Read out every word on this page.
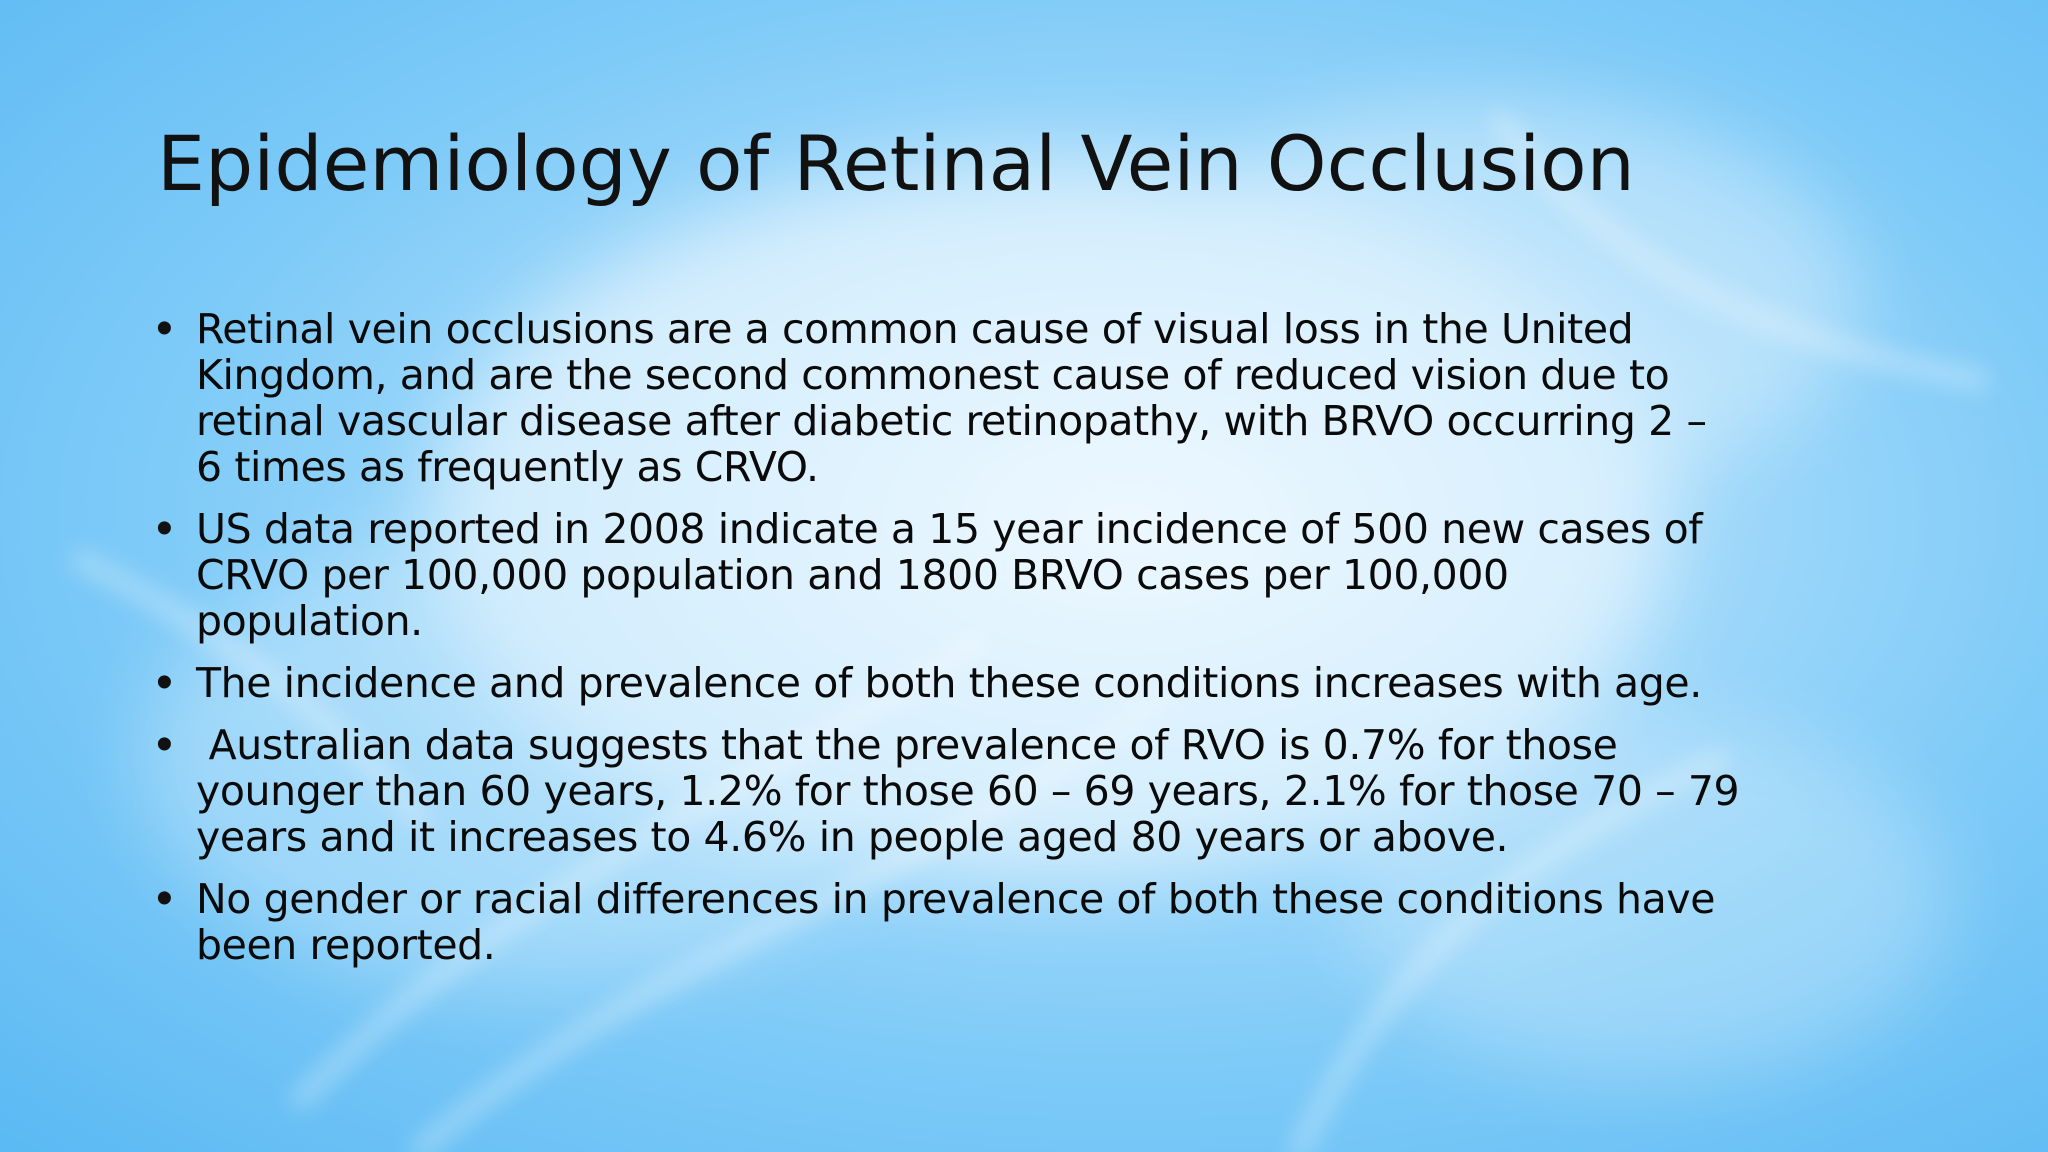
Epidemiology of Retinal Vein Occlusion
• Retinal vein occlusions are a common cause of visual loss in the United
Kingdom, and are the second commonest cause of reduced vision due to
retinal vascular disease after diabetic retinopathy, with BRVO occurring 2 –
6 times as frequently as CRVO.
• US data reported in 2008 indicate a 15 year incidence of 500 new cases of
CRVO per 100,000 population and 1800 BRVO cases per 100,000
population.
• The incidence and prevalence of both these conditions increases with age.
• Australian data suggests that the prevalence of RVO is 0.7% for those
younger than 60 years, 1.2% for those 60 – 69 years, 2.1% for those 70 – 79
years and it increases to 4.6% in people aged 80 years or above.
• No gender or racial differences in prevalence of both these conditions have
been reported.
